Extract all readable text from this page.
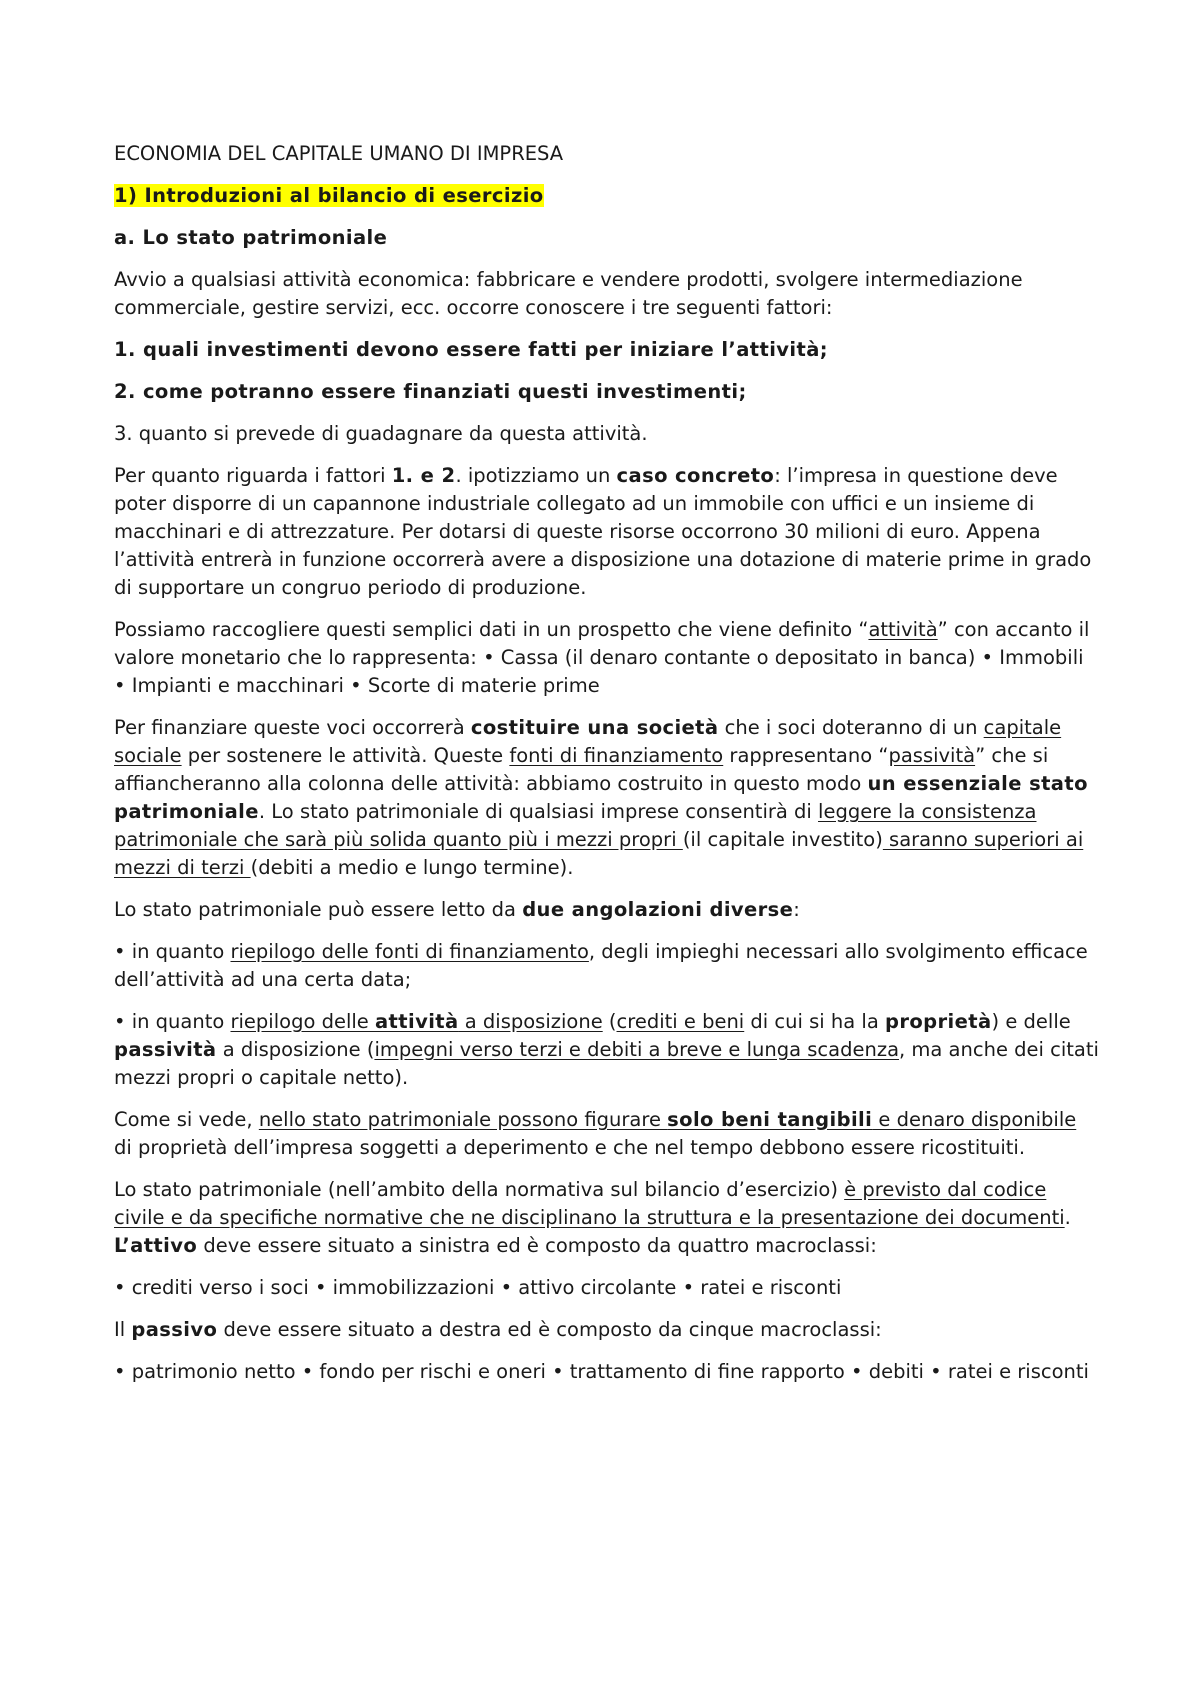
ECONOMIA DEL CAPITALE UMANO DI IMPRESA

1) Introduzioni al bilancio di esercizio

a. Lo stato patrimoniale

Avvio a qualsiasi attività economica: fabbricare e vendere prodotti, svolgere intermediazione commerciale, gestire servizi, ecc. occorre conoscere i tre seguenti fattori:

1. quali investimenti devono essere fatti per iniziare l’attività;

2. come potranno essere finanziati questi investimenti;

3. quanto si prevede di guadagnare da questa attività.

Per quanto riguarda i fattori 1. e 2. ipotizziamo un caso concreto: l’impresa in questione deve poter disporre di un capannone industriale collegato ad un immobile con uffici e un insieme di macchinari e di attrezzature. Per dotarsi di queste risorse occorrono 30 milioni di euro. Appena l’attività entrerà in funzione occorrerà avere a disposizione una dotazione di materie prime in grado di supportare un congruo periodo di produzione.

Possiamo raccogliere questi semplici dati in un prospetto che viene definito “attività” con accanto il valore monetario che lo rappresenta: • Cassa (il denaro contante o depositato in banca) • Immobili • Impianti e macchinari • Scorte di materie prime

Per finanziare queste voci occorrerà costituire una società che i soci doteranno di un capitale sociale per sostenere le attività. Queste fonti di finanziamento rappresentano “passività” che si affiancheranno alla colonna delle attività: abbiamo costruito in questo modo un essenziale stato patrimoniale. Lo stato patrimoniale di qualsiasi imprese consentirà di leggere la consistenza patrimoniale che sarà più solida quanto più i mezzi propri (il capitale investito) saranno superiori ai mezzi di terzi (debiti a medio e lungo termine).

Lo stato patrimoniale può essere letto da due angolazioni diverse:

• in quanto riepilogo delle fonti di finanziamento, degli impieghi necessari allo svolgimento efficace dell’attività ad una certa data;

• in quanto riepilogo delle attività a disposizione (crediti e beni di cui si ha la proprietà) e delle passività a disposizione (impegni verso terzi e debiti a breve e lunga scadenza, ma anche dei citati mezzi propri o capitale netto).

Come si vede, nello stato patrimoniale possono figurare solo beni tangibili e denaro disponibile di proprietà dell’impresa soggetti a deperimento e che nel tempo debbono essere ricostituiti.

Lo stato patrimoniale (nell’ambito della normativa sul bilancio d’esercizio) è previsto dal codice civile e da specifiche normative che ne disciplinano la struttura e la presentazione dei documenti. L’attivo deve essere situato a sinistra ed è composto da quattro macroclassi:

• crediti verso i soci • immobilizzazioni • attivo circolante • ratei e risconti

Il passivo deve essere situato a destra ed è composto da cinque macroclassi:

• patrimonio netto • fondo per rischi e oneri • trattamento di fine rapporto • debiti • ratei e risconti
